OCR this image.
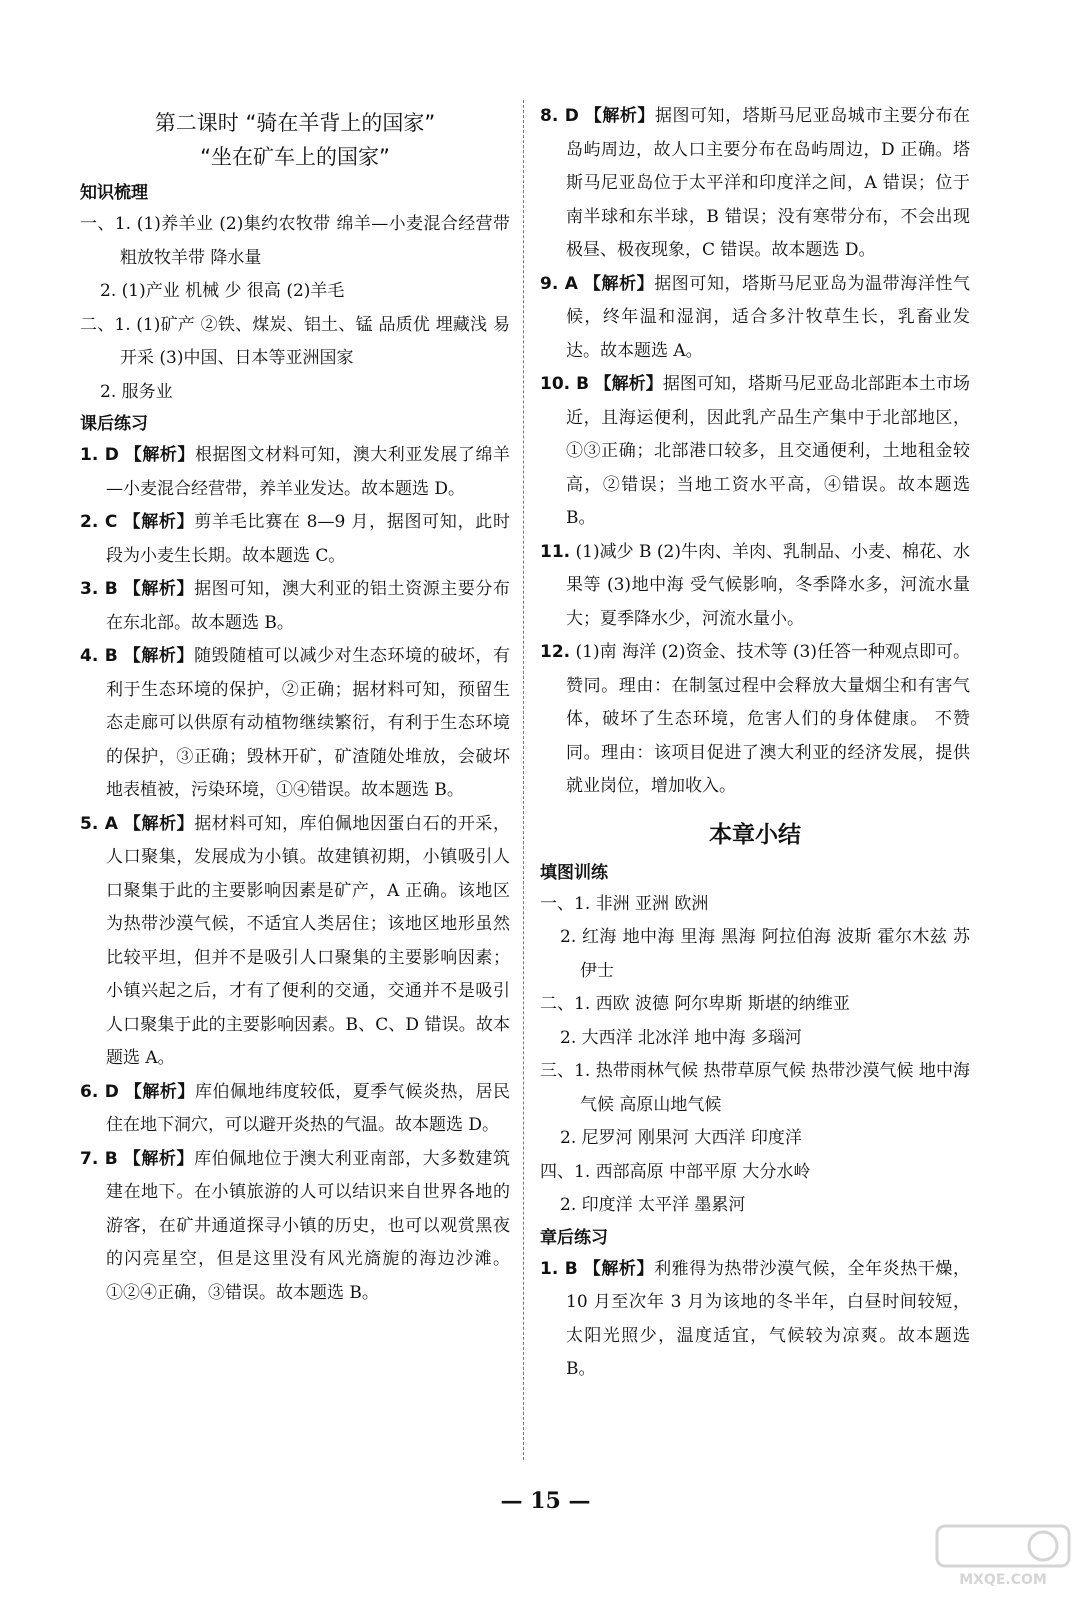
第二课时 “骑在羊背上的国家”
“坐在矿车上的国家”
知识梳理
一、1. (1)养羊业 (2)集约农牧带 绵羊—小麦混合经营带 粗放牧羊带 降水量
2. (1)产业 机械 少 很高 (2)羊毛
二、1. (1)矿产 ②铁、煤炭、铝土、锰 品质优 埋藏浅 易开采 (3)中国、日本等亚洲国家
2. 服务业
课后练习
1. D 【解析】根据图文材料可知，澳大利亚发展了绵羊—小麦混合经营带，养羊业发达。故本题选 D。
2. C 【解析】剪羊毛比赛在 8—9 月，据图可知，此时段为小麦生长期。故本题选 C。
3. B 【解析】据图可知，澳大利亚的铝土资源主要分布在东北部。故本题选 B。
4. B 【解析】随毁随植可以减少对生态环境的破坏，有利于生态环境的保护，②正确；据材料可知，预留生态走廊可以供原有动植物继续繁衍，有利于生态环境的保护，③正确；毁林开矿，矿渣随处堆放，会破坏地表植被，污染环境，①④错误。故本题选 B。
5. A 【解析】据材料可知，库伯佩地因蛋白石的开采，人口聚集，发展成为小镇。故建镇初期，小镇吸引人口聚集于此的主要影响因素是矿产，A 正确。该地区为热带沙漠气候，不适宜人类居住；该地区地形虽然比较平坦，但并不是吸引人口聚集的主要影响因素；小镇兴起之后，才有了便利的交通，交通并不是吸引人口聚集于此的主要影响因素。B、C、D 错误。故本题选 A。
6. D 【解析】库伯佩地纬度较低，夏季气候炎热，居民住在地下洞穴，可以避开炎热的气温。故本题选 D。
7. B 【解析】库伯佩地位于澳大利亚南部，大多数建筑建在地下。在小镇旅游的人可以结识来自世界各地的游客，在矿井通道探寻小镇的历史，也可以观赏黑夜的闪亮星空，但是这里没有风光旖旎的海边沙滩。①②④正确，③错误。故本题选 B。
8. D 【解析】据图可知，塔斯马尼亚岛城市主要分布在岛屿周边，故人口主要分布在岛屿周边，D 正确。塔斯马尼亚岛位于太平洋和印度洋之间，A 错误；位于南半球和东半球，B 错误；没有寒带分布，不会出现极昼、极夜现象，C 错误。故本题选 D。
9. A 【解析】据图可知，塔斯马尼亚岛为温带海洋性气候，终年温和湿润，适合多汁牧草生长，乳畜业发达。故本题选 A。
10. B 【解析】据图可知，塔斯马尼亚岛北部距本土市场近，且海运便利，因此乳产品生产集中于北部地区，①③正确；北部港口较多，且交通便利，土地租金较高，②错误；当地工资水平高，④错误。故本题选 B。
11. (1)减少 B (2)牛肉、羊肉、乳制品、小麦、棉花、水果等 (3)地中海 受气候影响，冬季降水多，河流水量大；夏季降水少，河流水量小。
12. (1)南 海洋 (2)资金、技术等 (3)任答一种观点即可。赞同。理由：在制氢过程中会释放大量烟尘和有害气体，破坏了生态环境，危害人们的身体健康。 不赞同。理由：该项目促进了澳大利亚的经济发展，提供就业岗位，增加收入。
本章小结
填图训练
一、1. 非洲 亚洲 欧洲
2. 红海 地中海 里海 黑海 阿拉伯海 波斯 霍尔木兹 苏伊士
二、1. 西欧 波德 阿尔卑斯 斯堪的纳维亚
2. 大西洋 北冰洋 地中海 多瑙河
三、1. 热带雨林气候 热带草原气候 热带沙漠气候 地中海气候 高原山地气候
2. 尼罗河 刚果河 大西洋 印度洋
四、1. 西部高原 中部平原 大分水岭
2. 印度洋 太平洋 墨累河
章后练习
1. B 【解析】利雅得为热带沙漠气候，全年炎热干燥，10 月至次年 3 月为该地的冬半年，白昼时间较短，太阳光照少，温度适宜，气候较为凉爽。故本题选 B。
— 15 —
MXQE.COM
